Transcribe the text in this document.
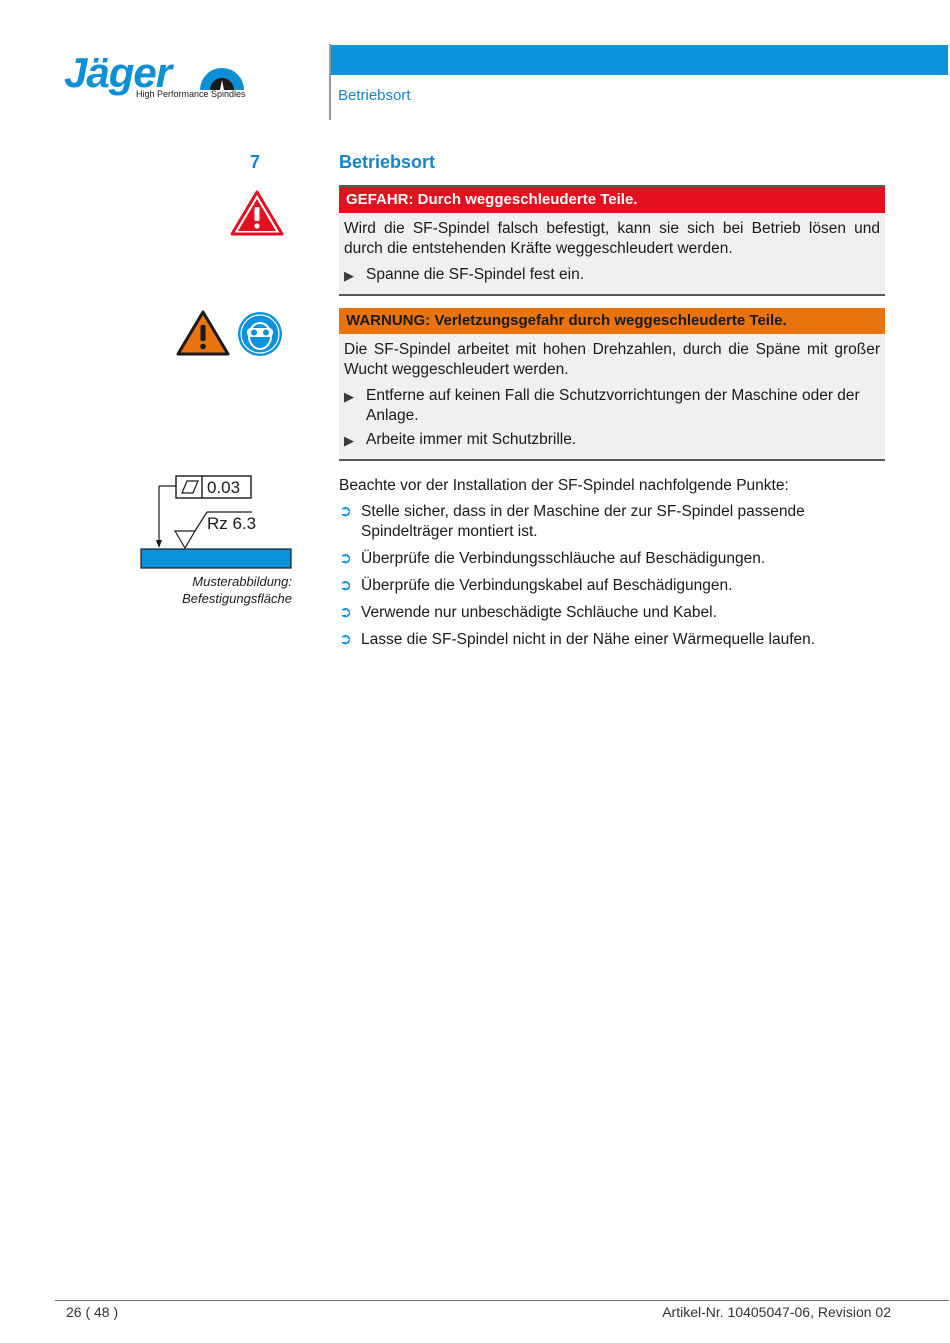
Jäger
High Performance Spindles	Betriebsort
7	Betriebsort
GEFAHR: Durch weggeschleuderte Teile.

Wird die SF-Spindel falsch befestigt, kann sie sich bei Betrieb lösen und durch die entstehenden Kräfte weggeschleudert werden.

▶ Spanne die SF-Spindel fest ein.
WARNUNG: Verletzungsgefahr durch weggeschleuderte Teile.

Die SF-Spindel arbeitet mit hohen Drehzahlen, durch die Späne mit großer Wucht weggeschleudert werden.

▶ Entferne auf keinen Fall die Schutzvorrichtungen der Maschine oder der Anlage.
▶ Arbeite immer mit Schutzbrille.
0.03
Rz 6.3
Musterabbildung:
Befestigungsfläche
Beachte vor der Installation der SF-Spindel nachfolgende Punkte:
➲ Stelle sicher, dass in der Maschine der zur SF-Spindel passende Spindelträger montiert ist.
➲ Überprüfe die Verbindungsschläuche auf Beschädigungen.
➲ Überprüfe die Verbindungskabel auf Beschädigungen.
➲ Verwende nur unbeschädigte Schläuche und Kabel.
➲ Lasse die SF-Spindel nicht in der Nähe einer Wärmequelle laufen.
26 ( 48 )	Artikel-Nr. 10405047-06, Revision 02
